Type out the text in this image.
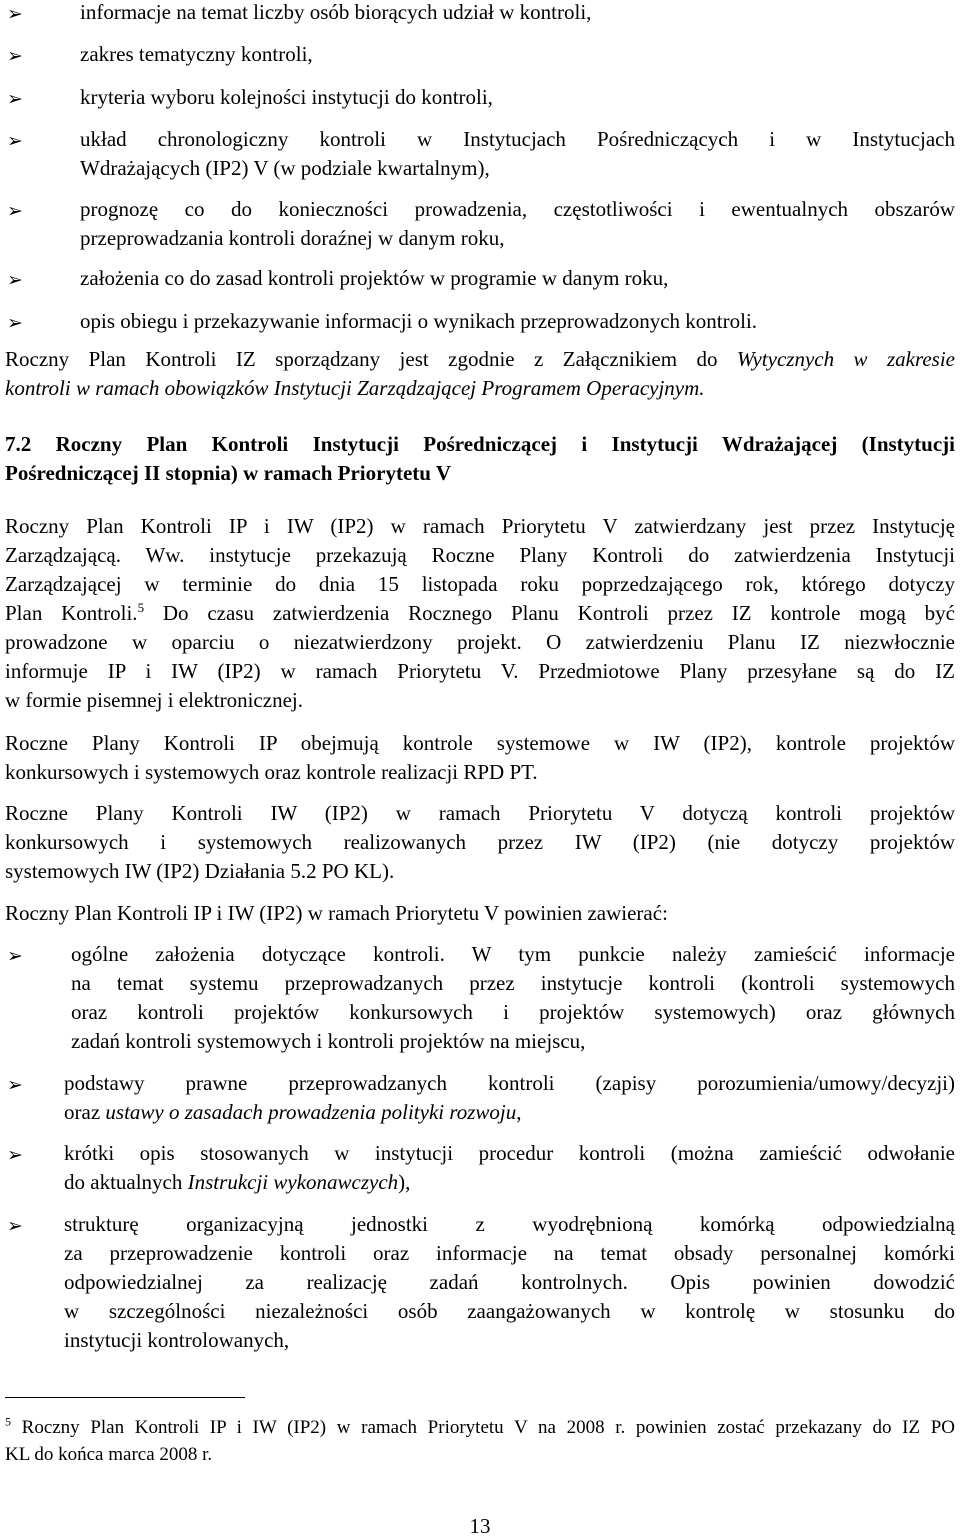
➢	informacje na temat liczby osób biorących udział w kontroli,

➢	zakres tematyczny kontroli,

➢	kryteria wyboru kolejności instytucji do kontroli,

➢	układ chronologiczny kontroli w Instytucjach Pośredniczących i w Instytucjach

Wdrażających (IP2) V (w podziale kwartalnym),

➢	prognozę co do konieczności prowadzenia, częstotliwości i ewentualnych obszarów

przeprowadzania kontroli doraźnej w danym roku,

➢	założenia co do zasad kontroli projektów w programie w danym roku,

➢	opis obiegu i przekazywanie informacji o wynikach przeprowadzonych kontroli.

Roczny Plan Kontroli IZ sporządzany jest zgodnie z Załącznikiem do Wytycznych w zakresie

kontroli w ramach obowiązków Instytucji Zarządzającej Programem Operacyjnym.

7.2 Roczny Plan Kontroli Instytucji Pośredniczącej i Instytucji Wdrażającej (Instytucji

Pośredniczącej II stopnia) w ramach Priorytetu V

Roczny Plan Kontroli IP i IW (IP2) w ramach Priorytetu V zatwierdzany jest przez Instytucję

Zarządzającą. Ww. instytucje przekazują Roczne Plany Kontroli do zatwierdzenia Instytucji

Zarządzającej w terminie do dnia 15 listopada roku poprzedzającego rok, którego dotyczy

Plan Kontroli.$^5$ Do czasu zatwierdzenia Rocznego Planu Kontroli przez IZ kontrole mogą być

prowadzone w oparciu o niezatwierdzony projekt. O zatwierdzeniu Planu IZ niezwłocznie

informuje IP i IW (IP2) w ramach Priorytetu V. Przedmiotowe Plany przesyłane są do IZ

w formie pisemnej i elektronicznej.

Roczne Plany Kontroli IP obejmują kontrole systemowe w IW (IP2), kontrole projektów

konkursowych i systemowych oraz kontrole realizacji RPD PT.

Roczne Plany Kontroli IW (IP2) w ramach Priorytetu V dotyczą kontroli projektów

konkursowych i systemowych realizowanych przez IW (IP2) (nie dotyczy projektów

systemowych IW (IP2) Działania 5.2 PO KL).

Roczny Plan Kontroli IP i IW (IP2) w ramach Priorytetu V powinien zawierać:

➢ ogólne założenia dotyczące kontroli. W tym punkcie należy zamieścić informacje

na temat systemu przeprowadzanych przez instytucje kontroli (kontroli systemowych

oraz kontroli projektów konkursowych i projektów systemowych) oraz głównych

zadań kontroli systemowych i kontroli projektów na miejscu,

➢ podstawy prawne przeprowadzanych kontroli (zapisy porozumienia/umowy/decyzji)

oraz ustawy o zasadach prowadzenia polityki rozwoju,

➢ krótki opis stosowanych w instytucji procedur kontroli (można zamieścić odwołanie

do aktualnych Instrukcji wykonawczych),

➢ strukturę organizacyjną jednostki z wyodrębnioną komórką odpowiedzialną

za przeprowadzenie kontroli oraz informacje na temat obsady personalnej komórki

odpowiedzialnej za realizację zadań kontrolnych. Opis powinien dowodzić

w szczególności niezależności osób zaangażowanych w kontrolę w stosunku do

instytucji kontrolowanych,

$^5$ Roczny Plan Kontroli IP i IW (IP2) w ramach Priorytetu V na 2008 r. powinien zostać przekazany do IZ PO

KL do końca marca 2008 r.

13
